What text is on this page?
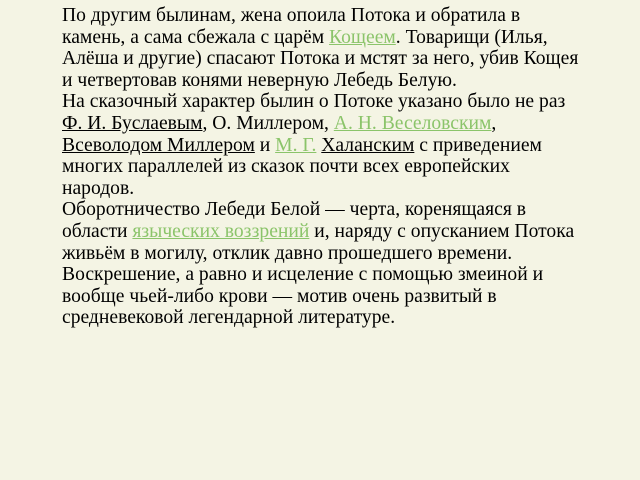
По другим былинам, жена опоила Потока и обратила в
камень, а сама сбежала с царём Кощеем. Товарищи (Илья,
Алёша и другие) спасают Потока и мстят за него, убив Кощея
и четвертовав конями неверную Лебедь Белую.

На сказочный характер былин о Потоке указано было не раз
Ф. И. Буслаевым, О. Миллером, А. Н. Веселовским,
Всеволодом Миллером и М. Г. Халанским с приведением
многих параллелей из сказок почти всех европейских
народов.

Оборотничество Лебеди Белой — черта, коренящаяся в
области языческих воззрений и, наряду с опусканием Потока
живьём в могилу, отклик давно прошедшего времени.

Воскрешение, а равно и исцеление с помощью змеиной и
вообще чьей-либо крови — мотив очень развитый в
средневековой легендарной литературе.
